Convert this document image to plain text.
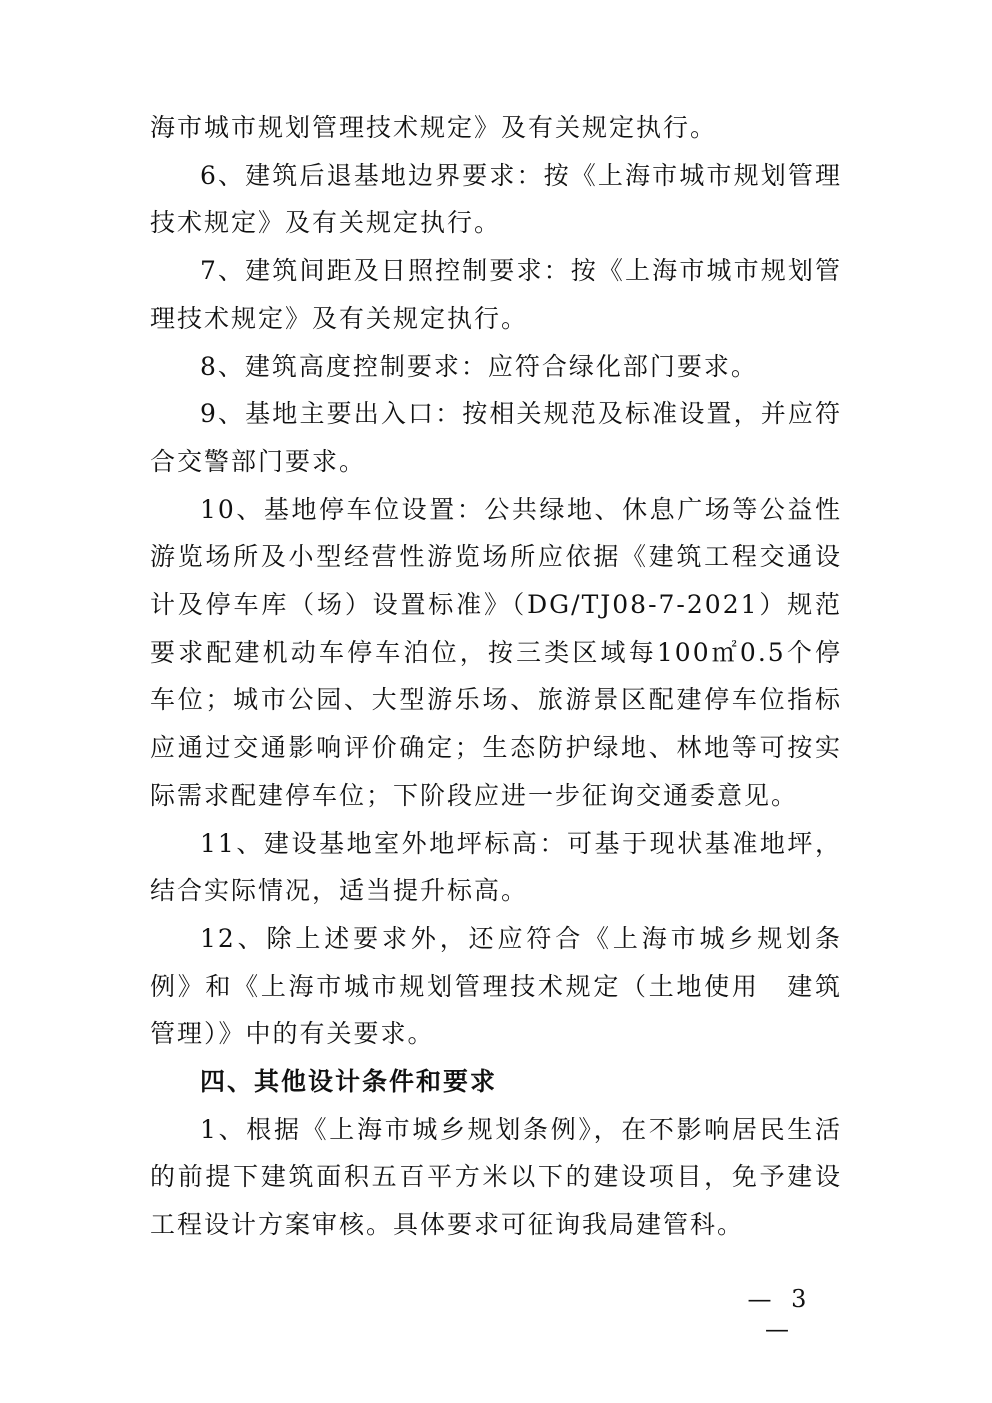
海市城市规划管理技术规定》及有关规定执行。

6、建筑后退基地边界要求：按《上海市城市规划管理技术规定》及有关规定执行。

7、建筑间距及日照控制要求：按《上海市城市规划管理技术规定》及有关规定执行。

8、建筑高度控制要求：应符合绿化部门要求。

9、基地主要出入口：按相关规范及标准设置，并应符合交警部门要求。

10、基地停车位设置：公共绿地、休息广场等公益性游览场所及小型经营性游览场所应依据《建筑工程交通设计及停车库（场）设置标准》（DG/TJ08-7-2021）规范要求配建机动车停车泊位，按三类区域每100㎡0.5个停车位；城市公园、大型游乐场、旅游景区配建停车位指标应通过交通影响评价确定；生态防护绿地、林地等可按实际需求配建停车位；下阶段应进一步征询交通委意见。

11、建设基地室外地坪标高：可基于现状基准地坪，结合实际情况，适当提升标高。

12、除上述要求外，还应符合《上海市城乡规划条例》和《上海市城市规划管理技术规定（土地使用　建筑管理）》中的有关要求。

四、其他设计条件和要求

1、根据《上海市城乡规划条例》，在不影响居民生活的前提下建筑面积五百平方米以下的建设项目，免予建设工程设计方案审核。具体要求可征询我局建管科。

— 3 —
